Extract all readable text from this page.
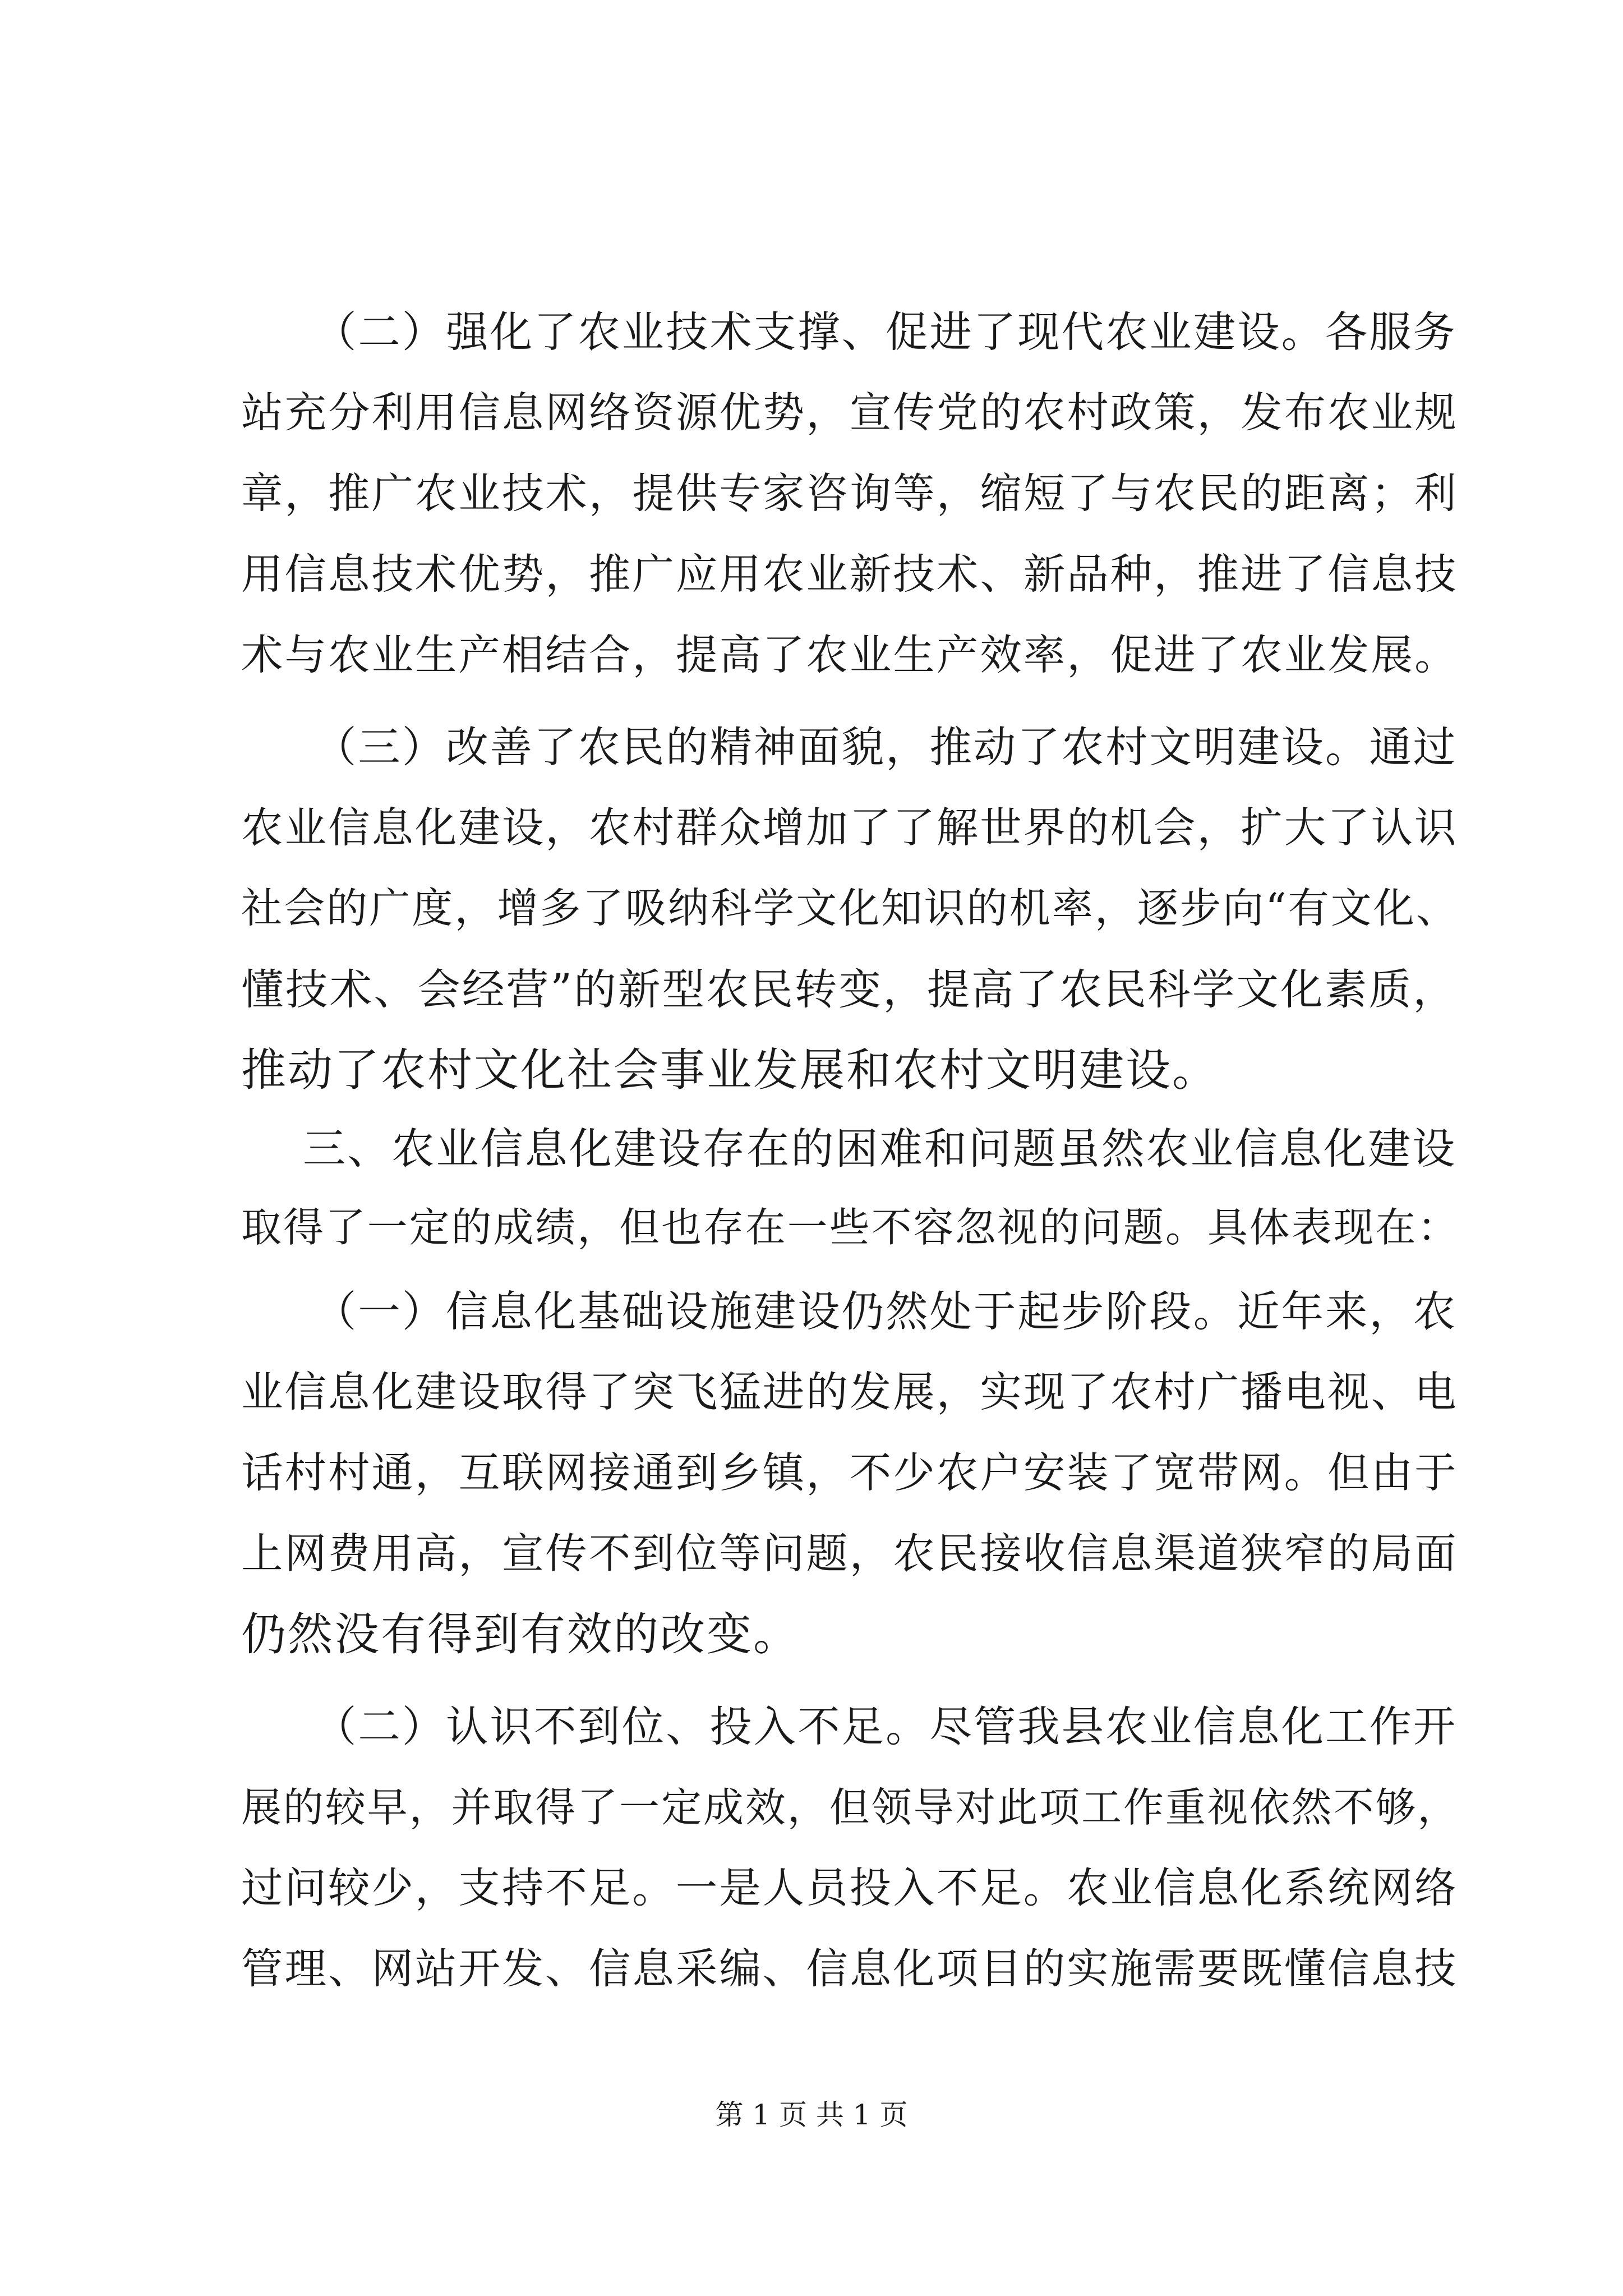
（二）强化了农业技术支撑、促进了现代农业建设。各服务
站充分利用信息网络资源优势，宣传党的农村政策，发布农业规
章，推广农业技术，提供专家咨询等，缩短了与农民的距离；利
用信息技术优势，推广应用农业新技术、新品种，推进了信息技
术与农业生产相结合，提高了农业生产效率，促进了农业发展。
（三）改善了农民的精神面貌，推动了农村文明建设。通过
农业信息化建设，农村群众增加了了解世界的机会，扩大了认识
社会的广度，增多了吸纳科学文化知识的机率，逐步向“有文化、
懂技术、会经营”的新型农民转变，提高了农民科学文化素质，
推动了农村文化社会事业发展和农村文明建设。
三、农业信息化建设存在的困难和问题虽然农业信息化建设
取得了一定的成绩，但也存在一些不容忽视的问题。具体表现在：
（一）信息化基础设施建设仍然处于起步阶段。近年来，农
业信息化建设取得了突飞猛进的发展，实现了农村广播电视、电
话村村通，互联网接通到乡镇，不少农户安装了宽带网。但由于
上网费用高，宣传不到位等问题，农民接收信息渠道狭窄的局面
仍然没有得到有效的改变。
（二）认识不到位、投入不足。尽管我县农业信息化工作开
展的较早，并取得了一定成效，但领导对此项工作重视依然不够，
过问较少，支持不足。一是人员投入不足。农业信息化系统网络
管理、网站开发、信息采编、信息化项目的实施需要既懂信息技
第 1 页 共 1 页
